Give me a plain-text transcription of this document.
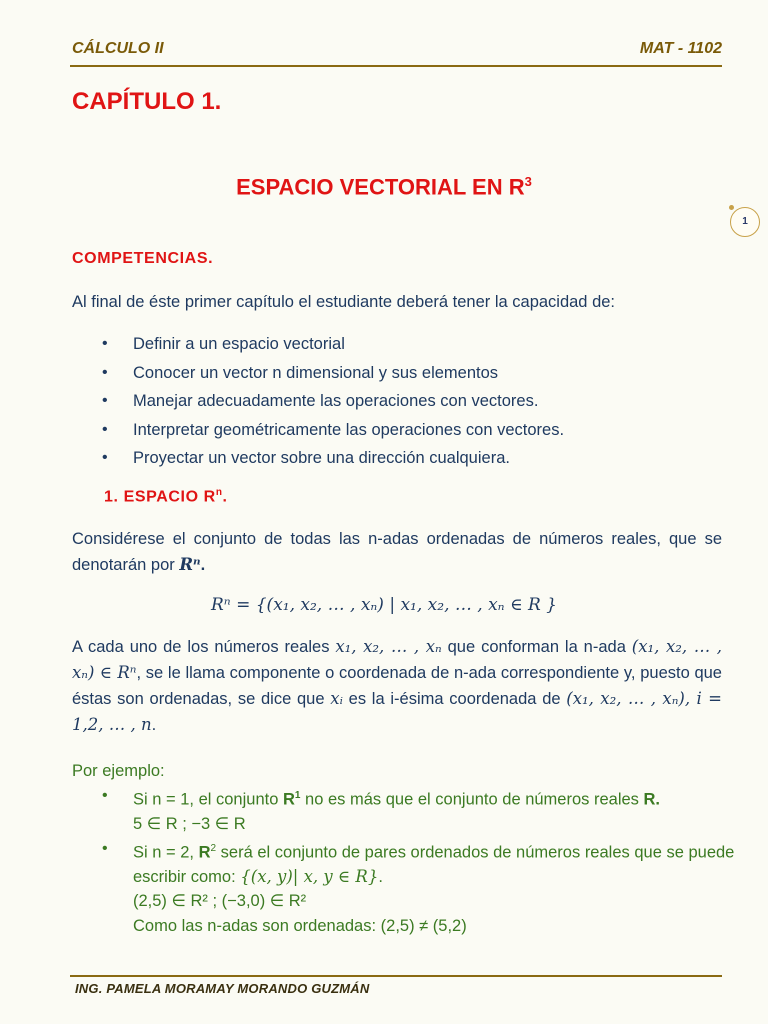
CÁLCULO II	MAT - 1102
1
CAPÍTULO 1.
ESPACIO VECTORIAL EN $R^3$
COMPETENCIAS.
Al final de éste primer capítulo el estudiante deberá tener la capacidad de:
• Definir a un espacio vectorial
• Conocer un vector n dimensional y sus elementos
• Manejar adecuadamente las operaciones con vectores.
• Interpretar geométricamente las operaciones con vectores.
• Proyectar un vector sobre una dirección cualquiera.
1. ESPACIO $R^n$.
Considérese el conjunto de todas las n-adas ordenadas de números reales, que se denotarán por Rⁿ.
Rⁿ = {(x₁, x₂, … , xₙ) | x₁, x₂, … , xₙ ∈ R }
A cada uno de los números reales x₁, x₂, … , xₙ que conforman la n-ada (x₁, x₂, … , xₙ) ∈ Rⁿ, se le llama componente o coordenada de n-ada correspondiente y, puesto que éstas son ordenadas, se dice que xᵢ es la i-ésima coordenada de (x₁, x₂, … , xₙ), i = 1,2, … , n.
Por ejemplo:
• Si n = 1, el conjunto $R^1$ no es más que el conjunto de números reales R.
5 ∈ R ; −3 ∈ R
• Si n = 2, $R^2$ será el conjunto de pares ordenados de números reales que se puede escribir como: {(x, y)| x, y ∈ R}.
(2,5) ∈ R² ; (−3,0) ∈ R²
Como las n-adas son ordenadas: (2,5) ≠ (5,2)
ING. PAMELA MORAMAY MORANDO GUZMÁN
